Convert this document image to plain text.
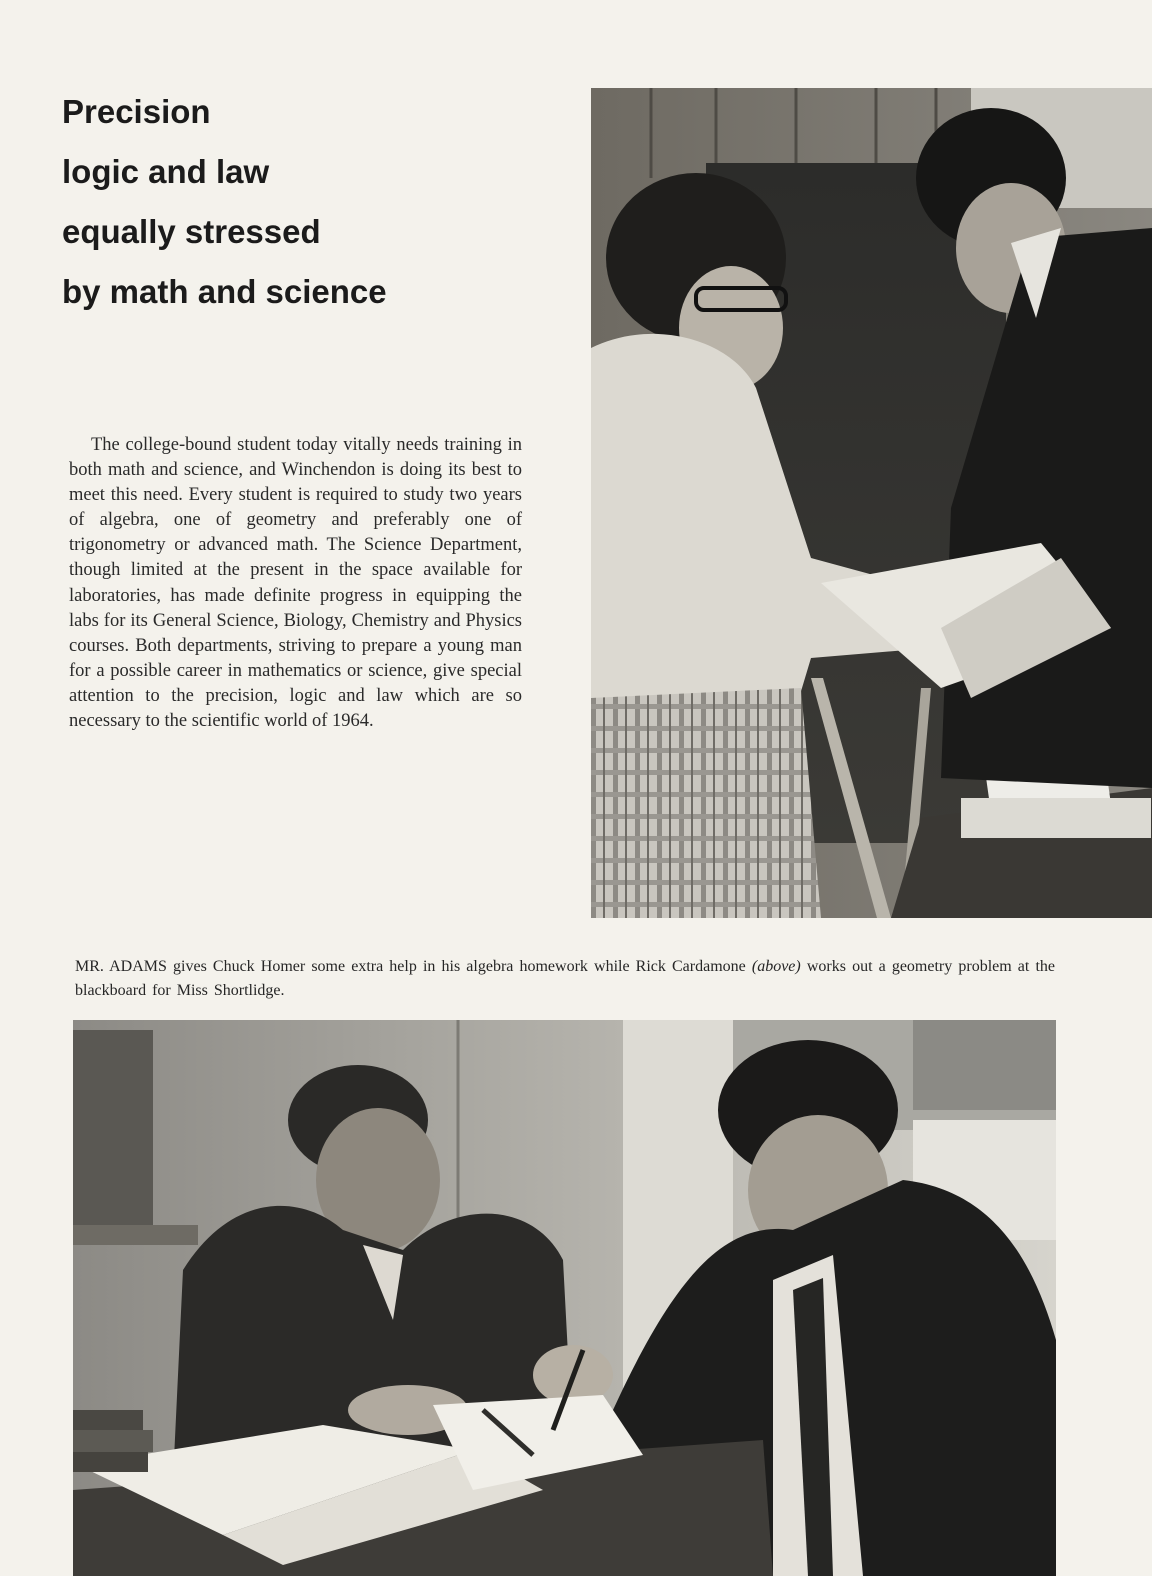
Precision
logic and law
equally stressed
by math and science

The college-bound student today vitally needs training in both math and science, and Winchendon is doing its best to meet this need. Every student is required to study two years of algebra, one of geometry and preferably one of trigonometry or advanced math. The Science Department, though limited at the present in the space available for laboratories, has made definite progress in equipping the labs for its General Science, Biology, Chemistry and Physics courses. Both departments, striving to prepare a young man for a possible career in mathematics or science, give special attention to the precision, logic and law which are so necessary to the scientific world of 1964.

MR. ADAMS gives Chuck Homer some extra help in his algebra homework while Rick Cardamone (above) works out a geometry problem at the blackboard for Miss Shortlidge.
